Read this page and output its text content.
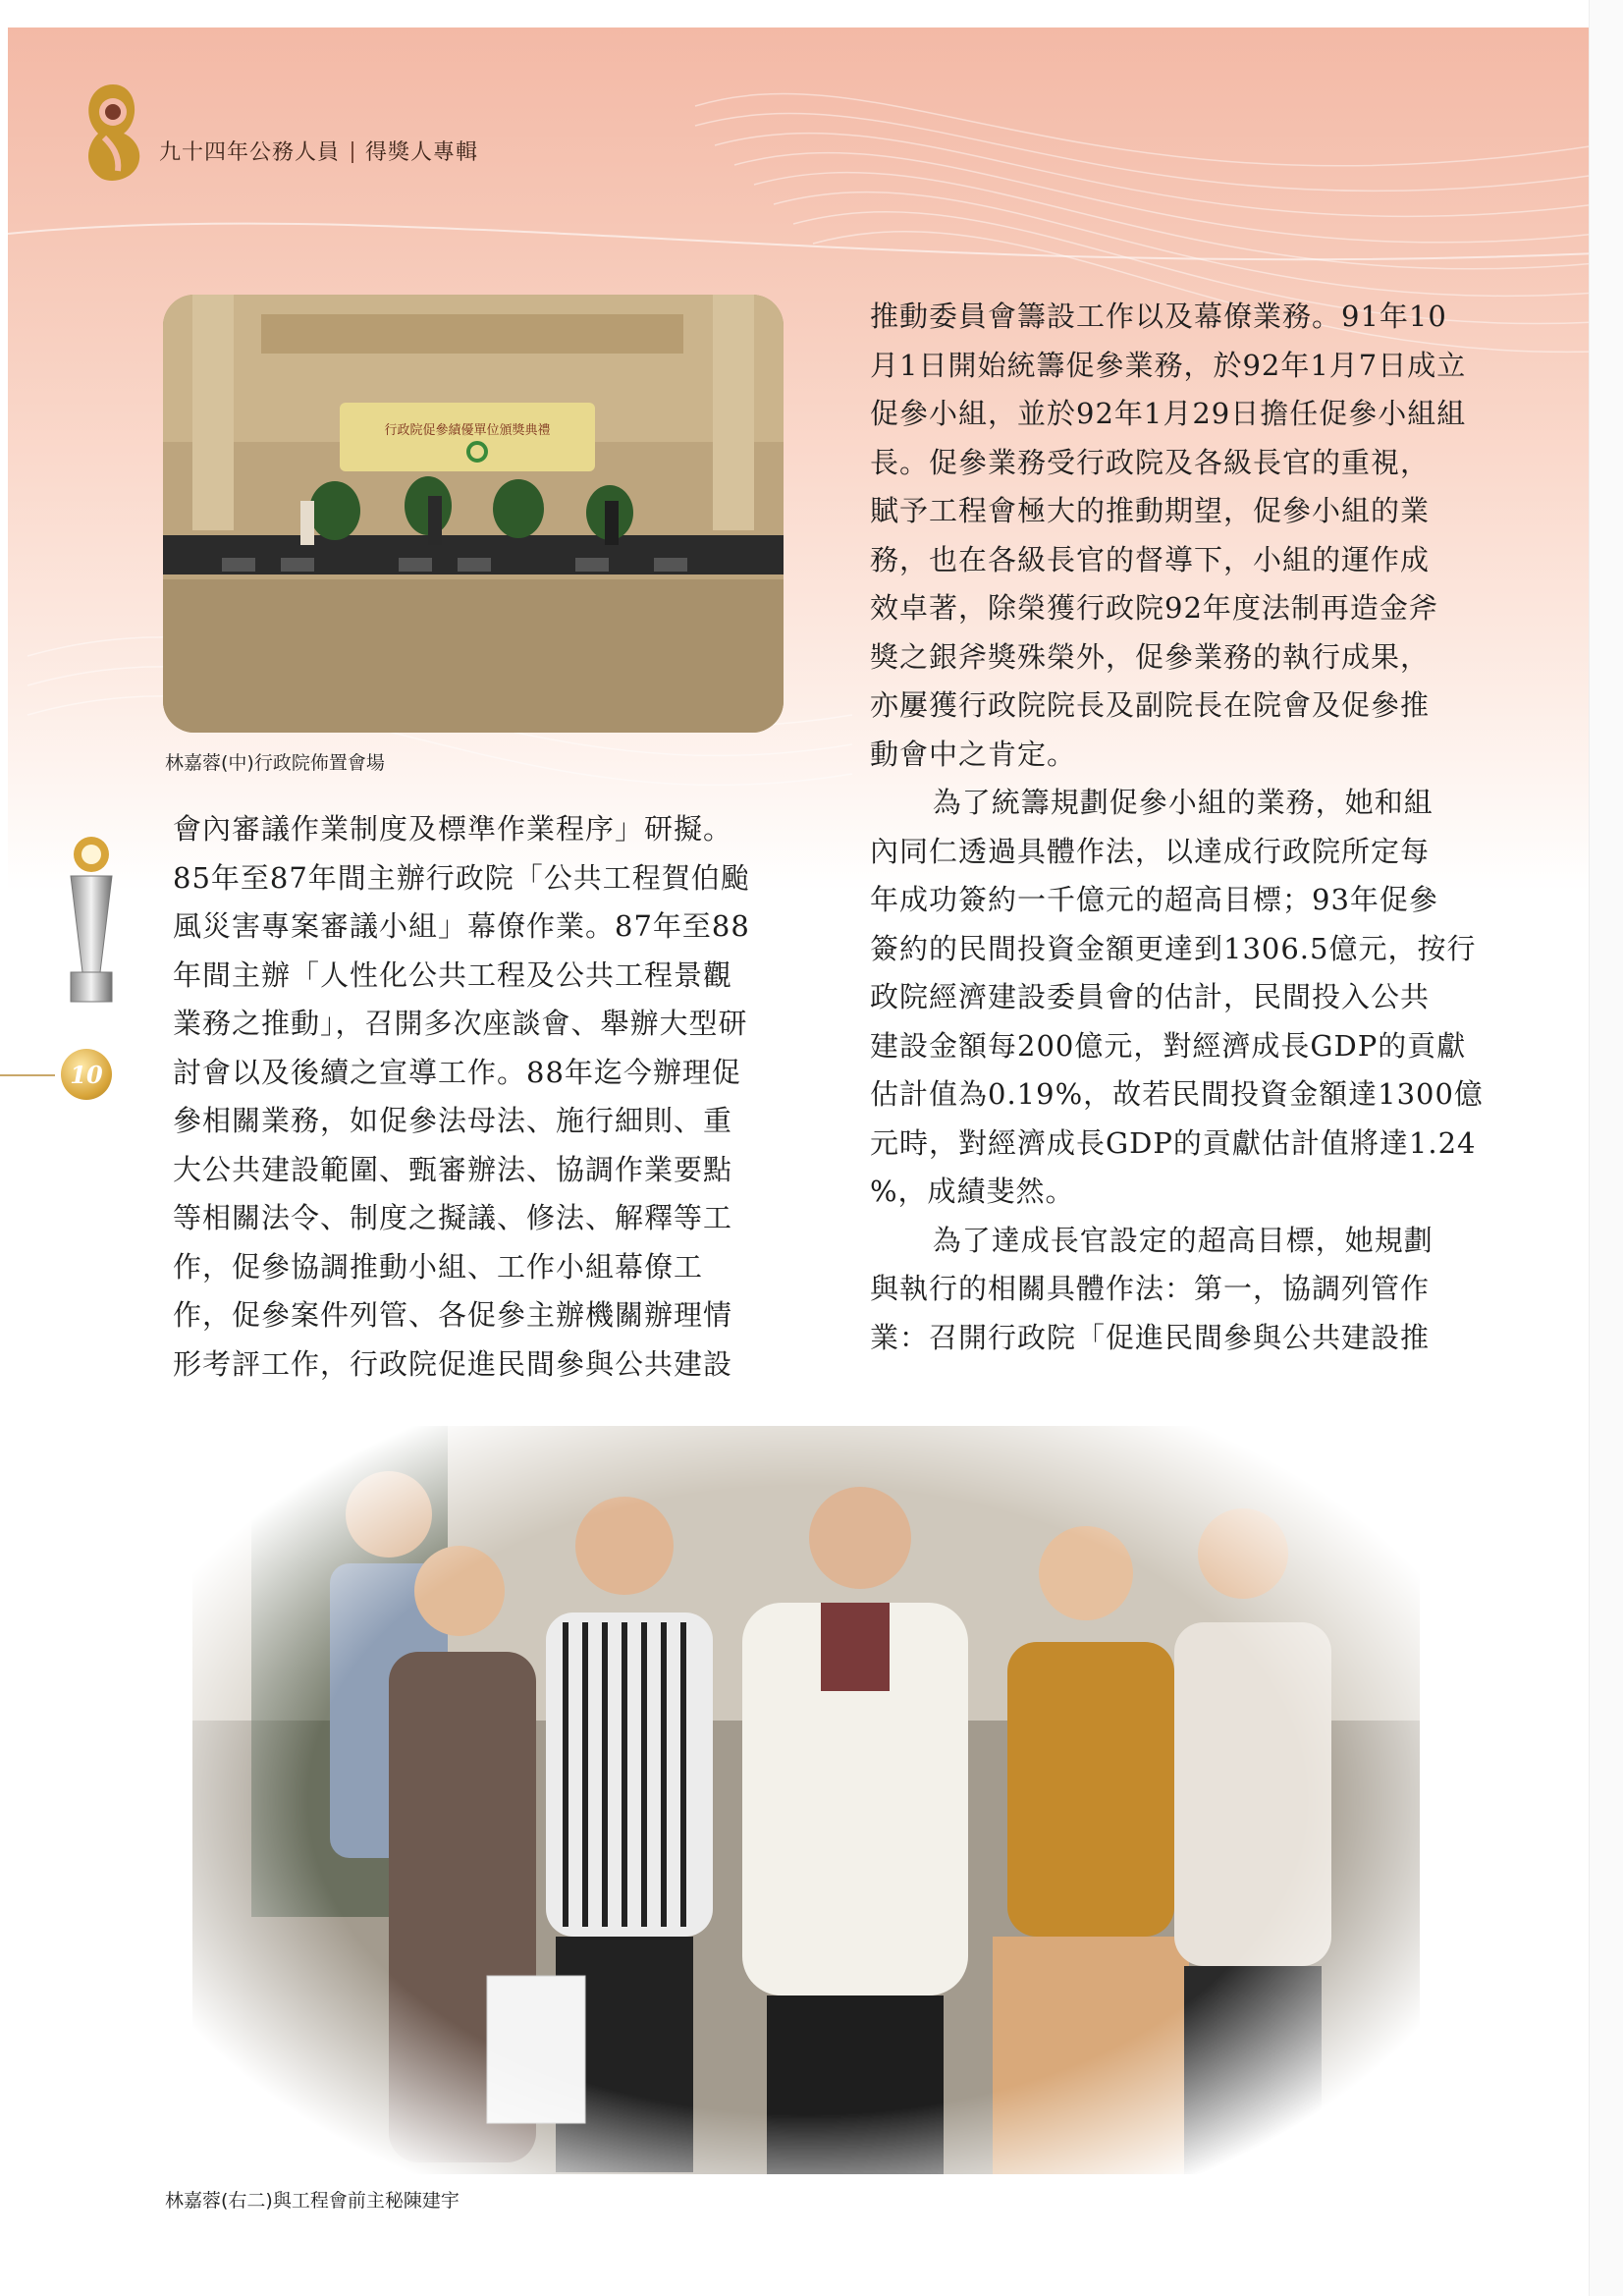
九十四年公務人員 得獎人專輯
行政院促參績優單位頒獎典禮
林嘉蓉(中)行政院佈置會場
10

會內審議作業制度及標準作業程序」研擬。

85年至87年間主辦行政院「公共工程賀伯颱

風災害專案審議小組」幕僚作業。87年至88

年間主辦「人性化公共工程及公共工程景觀

業務之推動」，召開多次座談會、舉辦大型研

討會以及後續之宣導工作。88年迄今辦理促

參相關業務，如促參法母法、施行細則、重

大公共建設範圍、甄審辦法、協調作業要點

等相關法令、制度之擬議、修法、解釋等工

作，促參協調推動小組、工作小組幕僚工

作，促參案件列管、各促參主辦機關辦理情

形考評工作，行政院促進民間參與公共建設

推動委員會籌設工作以及幕僚業務。91年10

月1日開始統籌促參業務，於92年1月7日成立

促參小組，並於92年1月29日擔任促參小組組

長。促參業務受行政院及各級長官的重視，

賦予工程會極大的推動期望，促參小組的業

務，也在各級長官的督導下，小組的運作成

效卓著，除榮獲行政院92年度法制再造金斧

獎之銀斧獎殊榮外，促參業務的執行成果，

亦屢獲行政院院長及副院長在院會及促參推

動會中之肯定。

為了統籌規劃促參小組的業務，她和組

內同仁透過具體作法，以達成行政院所定每

年成功簽約一千億元的超高目標；93年促參

簽約的民間投資金額更達到1306.5億元，按行

政院經濟建設委員會的估計，民間投入公共

建設金額每200億元，對經濟成長GDP的貢獻

估計值為0.19%，故若民間投資金額達1300億

元時，對經濟成長GDP的貢獻估計值將達1.24

%，成績斐然。

為了達成長官設定的超高目標，她規劃

與執行的相關具體作法：第一，協調列管作

業：召開行政院「促進民間參與公共建設推

林嘉蓉(右二)與工程會前主秘陳建宇
